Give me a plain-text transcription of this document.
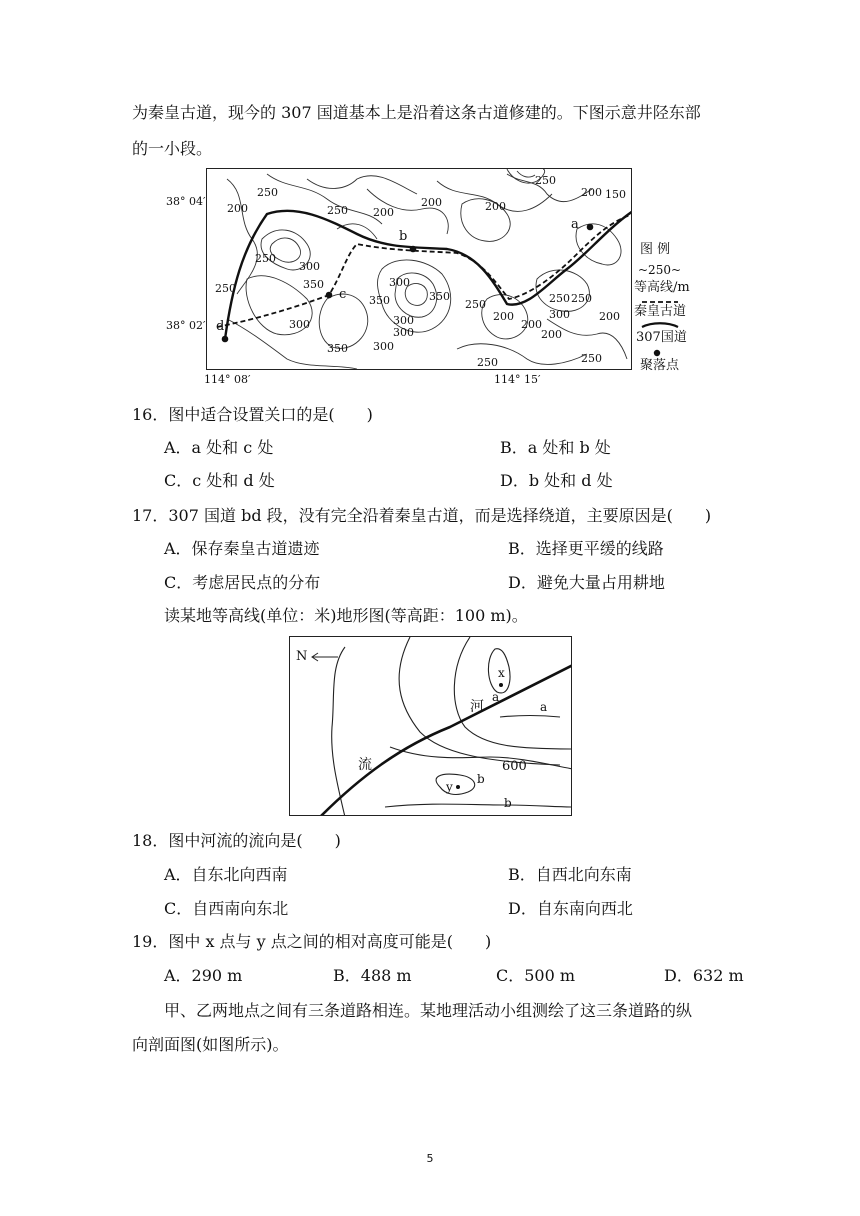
为秦皇古道，现今的 307 国道基本上是沿着这条古道修建的。下图示意井陉东部
的一小段。
38° 04′
38° 02′
114° 08′	114° 15′
250
200	250 200
200	200
250
200 150
250
300
350
250	300
350	350
300
300
250
200
200
250
300
250
300
350 300
200
250	250
200
a
b
c
d
图 例
~250~
等高线/m
秦皇古道
307国道
聚落点
16．图中适合设置关口的是(　　)
A．a 处和 c 处	B．a 处和 b 处
C．c 处和 d 处	D．b 处和 d 处
17．307 国道 bd 段，没有完全沿着秦皇古道，而是选择绕道，主要原因是(　　)
A．保存秦皇古道遗迹	B．选择更平缓的线路
C．考虑居民点的分布	D．避免大量占用耕地
读某地等高线(单位：米)地形图(等高距：100 m)。
N
河
流	600
x
y
a
a
b
b
18．图中河流的流向是(　　)
A．自东北向西南	B．自西北向东南
C．自西南向东北	D．自东南向西北
19．图中 x 点与 y 点之间的相对高度可能是(　　)
A．290 m	B．488 m	C．500 m	D．632 m
甲、乙两地点之间有三条道路相连。某地理活动小组测绘了这三条道路的纵
向剖面图(如图所示)。
5
